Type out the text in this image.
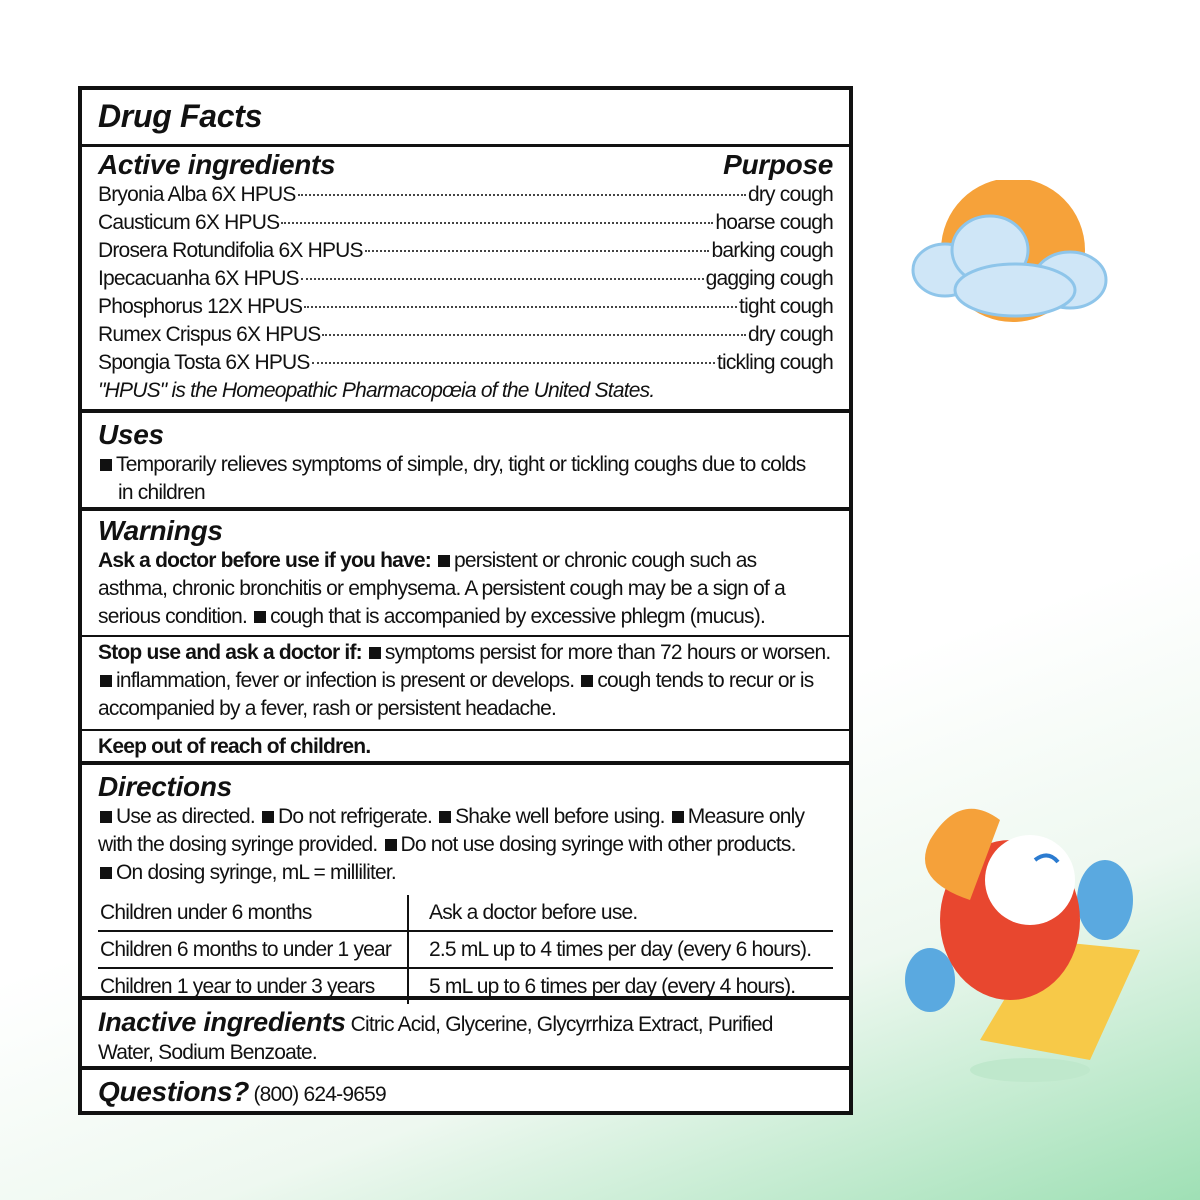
Drug Facts
Active ingredients	Purpose
Bryonia Alba 6X HPUS	dry cough
Causticum 6X HPUS	hoarse cough
Drosera Rotundifolia 6X HPUS	barking cough
Ipecacuanha 6X HPUS	gagging cough
Phosphorus 12X HPUS	tight cough
Rumex Crispus 6X HPUS	dry cough
Spongia Tosta 6X HPUS	tickling cough
"HPUS" is the Homeopathic Pharmacopœia of the United States.
Uses
Temporarily relieves symptoms of simple, dry, tight or tickling coughs due to colds in children
Warnings
Ask a doctor before use if you have: persistent or chronic cough such as asthma, chronic bronchitis or emphysema. A persistent cough may be a sign of a serious condition. cough that is accompanied by excessive phlegm (mucus).
Stop use and ask a doctor if: symptoms persist for more than 72 hours or worsen. inflammation, fever or infection is present or develops. cough tends to recur or is accompanied by a fever, rash or persistent headache.
Keep out of reach of children.
Directions
Use as directed. Do not refrigerate. Shake well before using. Measure only with the dosing syringe provided. Do not use dosing syringe with other products. On dosing syringe, mL = milliliter.
Children under 6 months	Ask a doctor before use.
Children 6 months to under 1 year	2.5 mL up to 4 times per day (every 6 hours).
Children 1 year to under 3 years	5 mL up to 6 times per day (every 4 hours).
Inactive ingredients Citric Acid, Glycerine, Glycyrrhiza Extract, Purified Water, Sodium Benzoate.
Questions? (800) 624-9659
